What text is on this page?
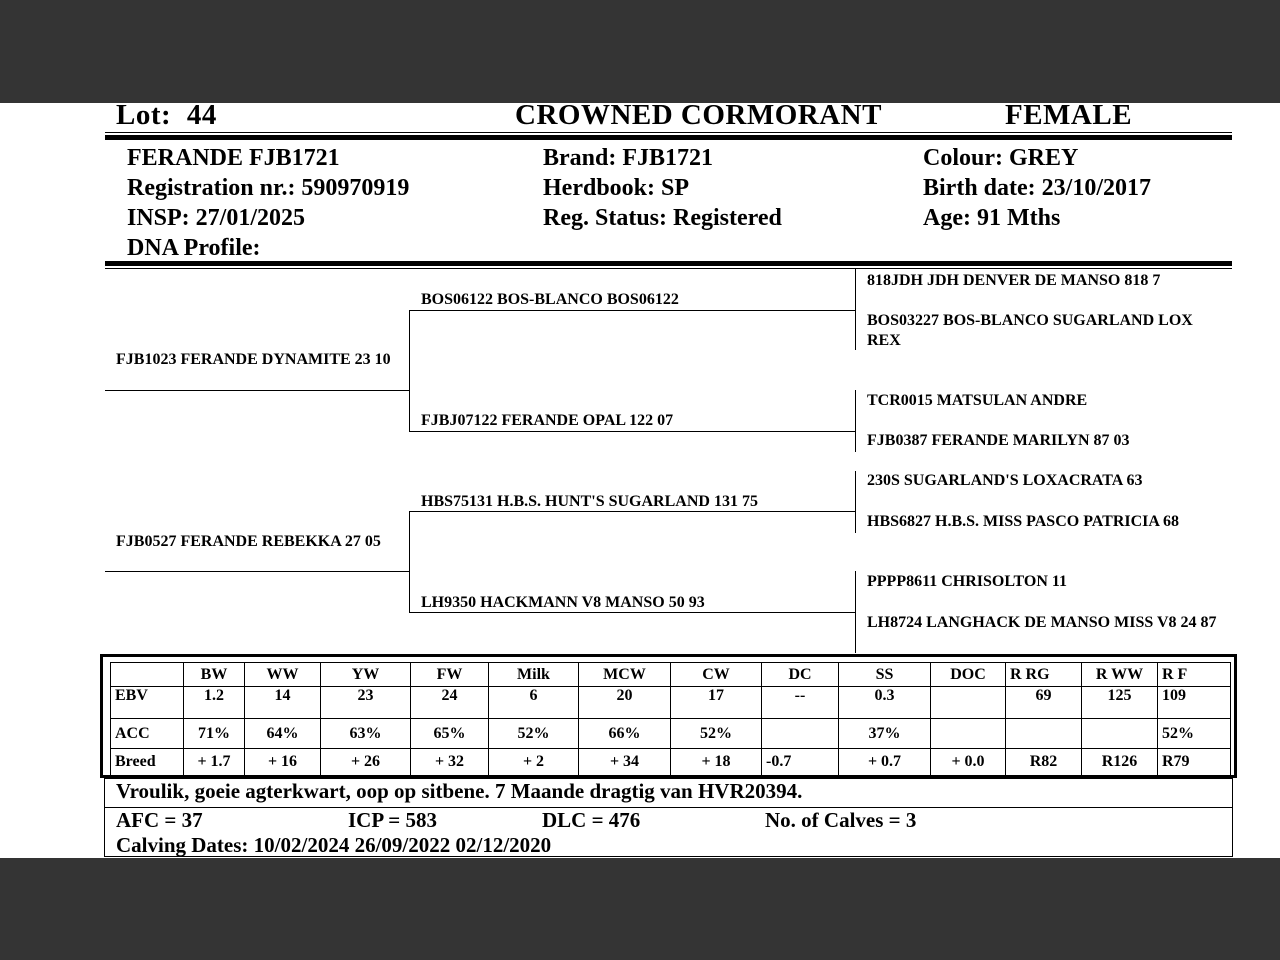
Lot: 44	CROWNED CORMORANT	FEMALE
FERANDE FJB1721
Registration nr.: 590970919
INSP: 27/01/2025
DNA Profile:
Brand: FJB1721
Herdbook: SP
Reg. Status: Registered
Colour: GREY
Birth date: 23/10/2017
Age: 91 Mths
FJB1023 FERANDE DYNAMITE 23 10
FJB0527 FERANDE REBEKKA 27 05
BOS06122 BOS-BLANCO BOS06122
FJBJ07122 FERANDE OPAL 122 07
HBS75131 H.B.S. HUNT'S SUGARLAND 131 75
LH9350 HACKMANN V8 MANSO 50 93
818JDH JDH DENVER DE MANSO 818 7
BOS03227 BOS-BLANCO SUGARLAND LOX REX
TCR0015 MATSULAN ANDRE
FJB0387 FERANDE MARILYN 87 03
230S SUGARLAND'S LOXACRATA 63
HBS6827 H.B.S. MISS PASCO PATRICIA 68
PPPP8611 CHRISOLTON 11
LH8724 LANGHACK DE MANSO MISS V8 24 87
	BW	WW	YW	FW	Milk	MCW	CW	DC	SS	DOC	R RG	R WW	R F
EBV	1.2	14	23	24	6	20	17	--	0.3		69	125	109
ACC	71%	64%	63%	65%	52%	66%	52%		37%				52%
Breed	+ 1.7	+ 16	+ 26	+ 32	+ 2	+ 34	+ 18	-0.7	+ 0.7	+ 0.0	R82	R126	R79
Vroulik, goeie agterkwart, oop op sitbene. 7 Maande dragtig van HVR20394.
AFC = 37	ICP = 583	DLC = 476	No. of Calves = 3
Calving Dates: 10/02/2024 26/09/2022 02/12/2020
